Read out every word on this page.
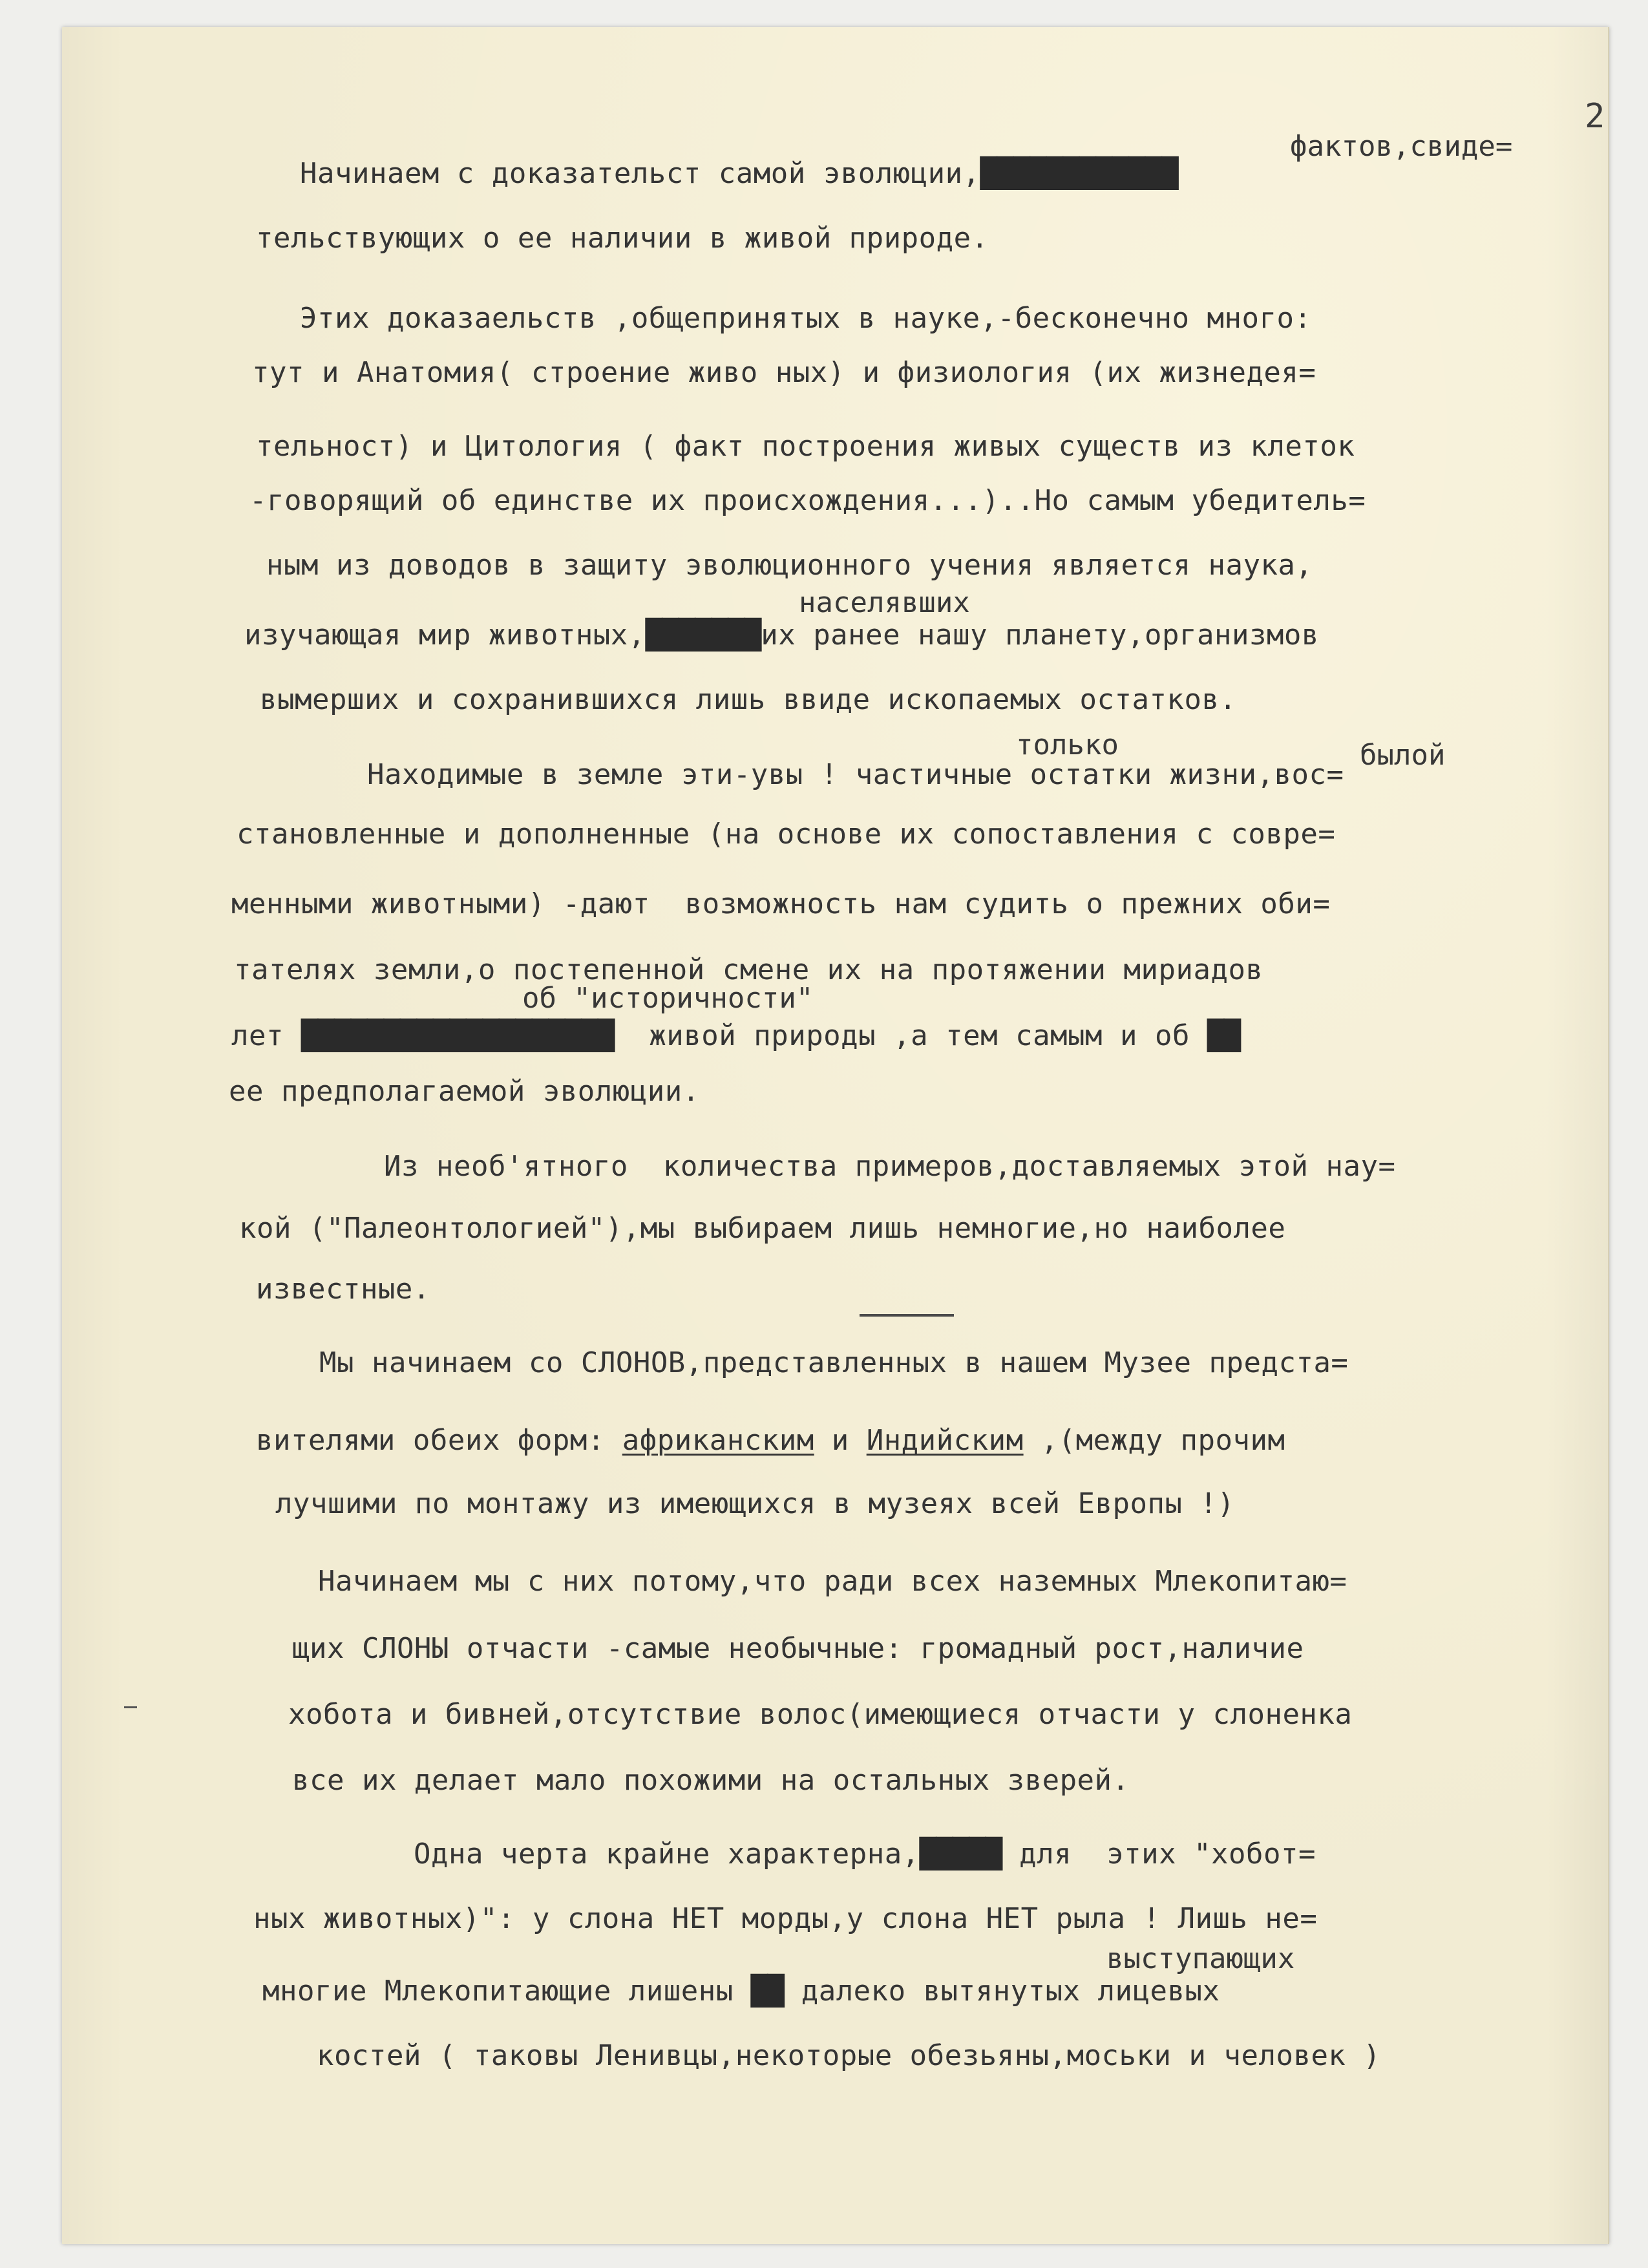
2

фактов,свиде=

населявших

только	былой

об "историчности"

выступающих

Начинаем с доказательст самой эволюции,████████████

тельствующих о ее наличии в живой природе.

Этих доказаельств ,общепринятых в науке,-бесконечно много:

тут и Анатомия( строение живо ных) и физиология (их жизнедея=

тельност) и Цитология ( факт построения живых существ из клеток

-говорящий об единстве их происхождения...)..Но самым убедитель=

ным из доводов в защиту эволюционного учения является наука,

изучающая мир животных,███████их ранее нашу планету,организмов

вымерших и сохранившихся лишь ввиде ископаемых остатков.

Находимые в земле эти-увы ! частичные остатки жизни,вос=

становленные и дополненные (на основе их сопоставления с совре=

менными животными) -дают  возможность нам судить о прежних оби=

тателях земли,о постепенной смене их на протяжении мириадов

лет ███████████████████  живой природы ,а тем самым и об ██

ее предполагаемой эволюции.

Из необ'ятного  количества примеров,доставляемых этой нау=

кой ("Палеонтологией"),мы выбираем лишь немногие,но наиболее

известные.

Мы начинаем со СЛОНОВ,представленных в нашем Музее предста=

вителями обеих форм: африканским и Индийским ,(между прочим

лучшими по монтажу из имеющихся в музеях всей Европы !)

Начинаем мы с них потому,что ради всех наземных Млекопитаю=

щих СЛОНЫ отчасти -самые необычные: громадный рост,наличие

хобота и бивней,отсутствие волос(имеющиеся отчасти у слоненка

все их делает мало похожими на остальных зверей.

Одна черта крайне характерна,█████ для  этих "хобот=

ных животных)": у слона НЕТ морды,у слона НЕТ рыла ! Лишь не=

многие Млекопитающие лишены ██ далеко вытянутых лицевых

костей ( таковы Ленивцы,некоторые обезьяны,моськи и человек )
